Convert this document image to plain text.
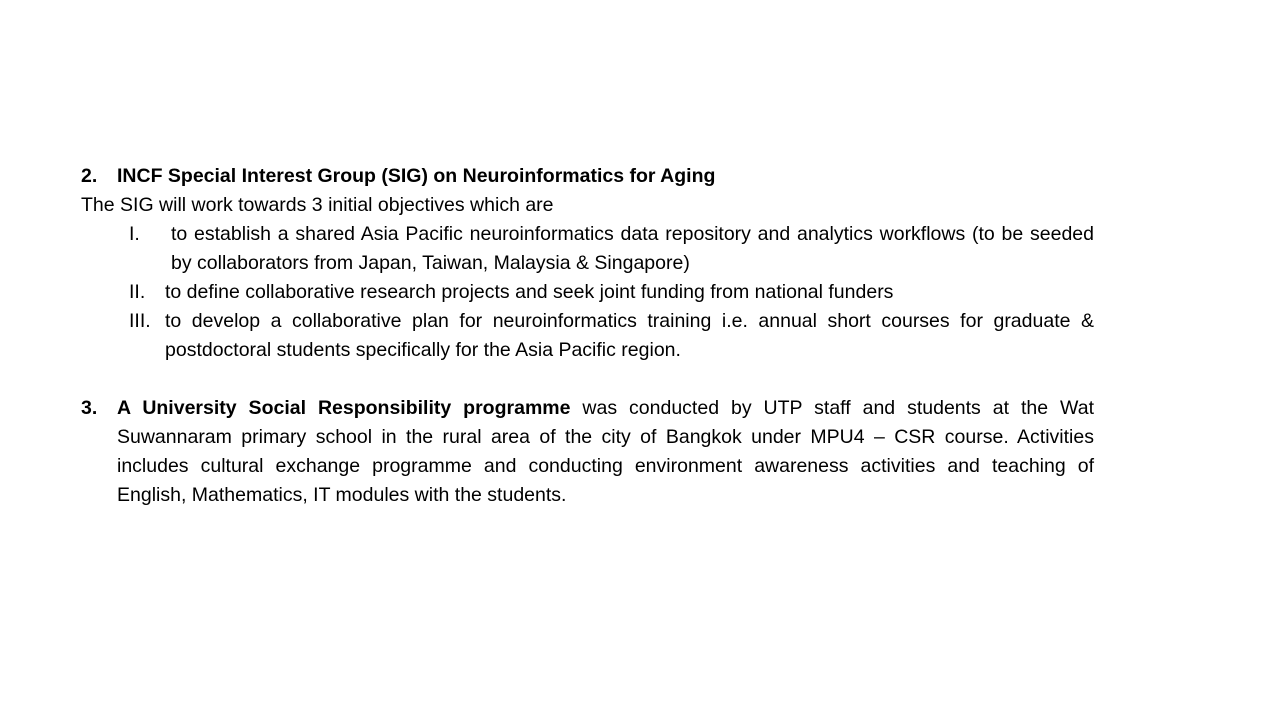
2. INCF Special Interest Group (SIG) on Neuroinformatics for Aging

The SIG will work towards 3 initial objectives which are

I.	to establish a shared Asia Pacific neuroinformatics data repository and analytics workflows (to be seeded by collaborators from Japan, Taiwan, Malaysia & Singapore)
II.	to define collaborative research projects and seek joint funding from national funders
III. to develop a collaborative plan for neuroinformatics training i.e. annual short courses for graduate & postdoctoral students specifically for the Asia Pacific region.
3. A University Social Responsibility programme was conducted by UTP staff and students at the Wat Suwannaram primary school in the rural area of the city of Bangkok under MPU4 – CSR course. Activities includes cultural exchange programme and conducting environment awareness activities and teaching of English, Mathematics, IT modules with the students.
